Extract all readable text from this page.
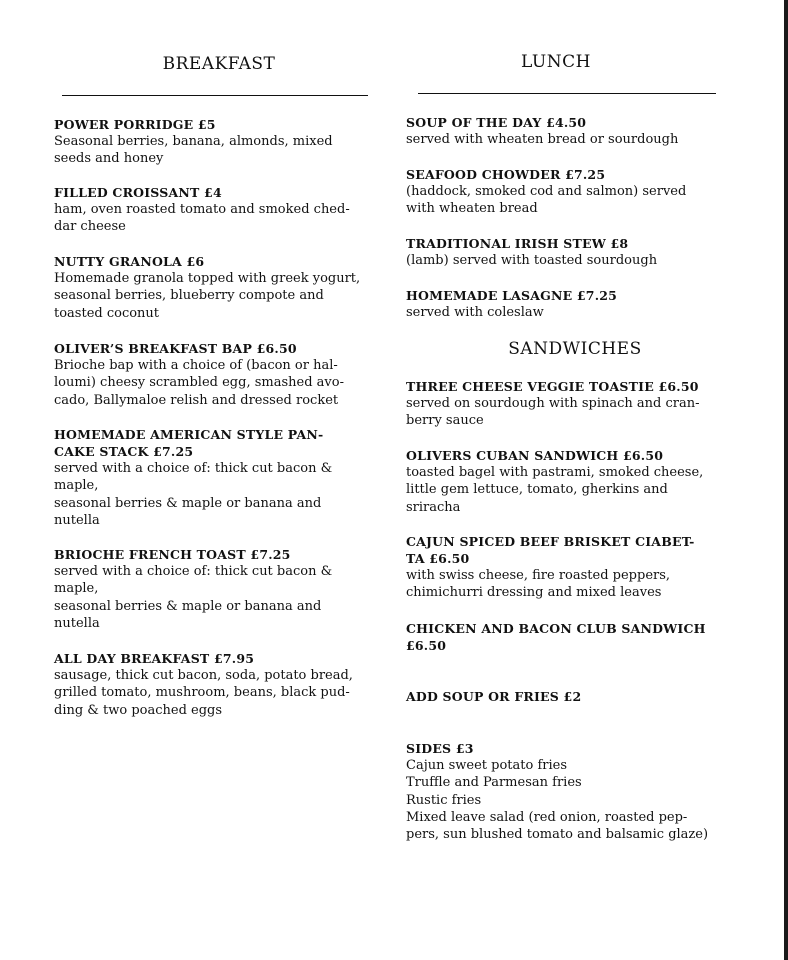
BREAKFAST
POWER PORRIDGE £5
Seasonal berries, banana, almonds, mixed
seeds and honey
FILLED CROISSANT £4
ham, oven roasted tomato and smoked ched-
dar cheese
NUTTY GRANOLA £6
Homemade granola topped with greek yogurt,
seasonal berries, blueberry compote and
toasted coconut
OLIVER’S BREAKFAST BAP £6.50
Brioche bap with a choice of (bacon or hal-
loumi) cheesy scrambled egg, smashed avo-
cado, Ballymaloe relish and dressed rocket
HOMEMADE AMERICAN STYLE PAN-
CAKE STACK £7.25
served with a choice of: thick cut bacon &
maple,
seasonal berries & maple or banana and
nutella
BRIOCHE FRENCH TOAST £7.25
served with a choice of: thick cut bacon &
maple,
seasonal berries & maple or banana and
nutella
ALL DAY BREAKFAST £7.95
sausage, thick cut bacon, soda, potato bread,
grilled tomato, mushroom, beans, black pud-
ding & two poached eggs
LUNCH
SOUP OF THE DAY £4.50
served with wheaten bread or sourdough
SEAFOOD CHOWDER £7.25
(haddock, smoked cod and salmon) served
with wheaten bread
TRADITIONAL IRISH STEW £8
(lamb) served with toasted sourdough
HOMEMADE LASAGNE £7.25
served with coleslaw
SANDWICHES
THREE CHEESE VEGGIE TOASTIE £6.50
served on sourdough with spinach and cran-
berry sauce
OLIVERS CUBAN SANDWICH £6.50
toasted bagel with pastrami, smoked cheese,
little gem lettuce, tomato, gherkins and
sriracha
CAJUN SPICED BEEF BRISKET CIABET-
TA £6.50
with swiss cheese, fire roasted peppers,
chimichurri dressing and mixed leaves
CHICKEN AND BACON CLUB SANDWICH
£6.50
ADD SOUP OR FRIES £2
SIDES £3
Cajun sweet potato fries
Truffle and Parmesan fries
Rustic fries
Mixed leave salad (red onion, roasted pep-
pers, sun blushed tomato and balsamic glaze)
